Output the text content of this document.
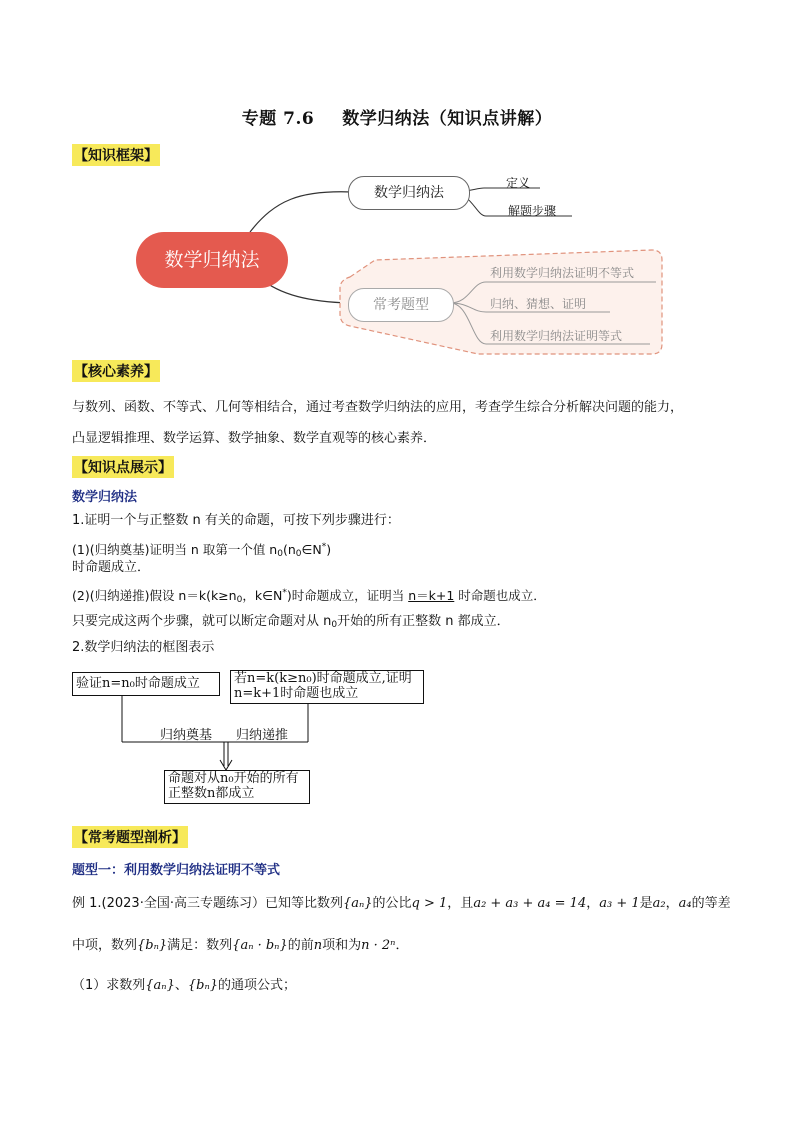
专题 7.6 数学归纳法（知识点讲解）
【知识框架】
数学归纳法
数学归纳法
定义
解题步骤
常考题型
利用数学归纳法证明不等式
归纳、猜想、证明
利用数学归纳法证明等式
【核心素养】
与数列、函数、不等式、几何等相结合，通过考查数学归纳法的应用，考查学生综合分析解决问题的能力，
凸显逻辑推理、数学运算、数学抽象、数学直观等的核心素养．
【知识点展示】
数学归纳法
1.证明一个与正整数 n 有关的命题，可按下列步骤进行：
(1)(归纳奠基)证明当 n 取第一个值 $n_0(n_0\in N^*)$
时命题成立．
(2)(归纳递推)假设 $n=k(k\ge n_0$，k∈N*)时命题成立，证明当 n＝k+1 时命题也成立．
只要完成这两个步骤，就可以断定命题对从 $n_0$开始的所有正整数 n 都成立．
2.数学归纳法的框图表示
验证n=n₀时命题成立	若n=k(k≥n₀)时命题成立,证明
n=k+1时命题也成立
归纳奠基 归纳递推
命题对从n₀开始的所有
正整数n都成立
【常考题型剖析】
题型一：利用数学归纳法证明不等式
例 1.(2023·全国·高三专题练习）已知等比数列{aₙ}的公比q > 1，且a₂ + a₃ + a₄ = 14，a₃ + 1是a₂，a₄的等差
中项，数列{bₙ}满足：数列{aₙ · bₙ}的前n项和为n · 2ⁿ．
（1）求数列{aₙ}、{bₙ}的通项公式；
